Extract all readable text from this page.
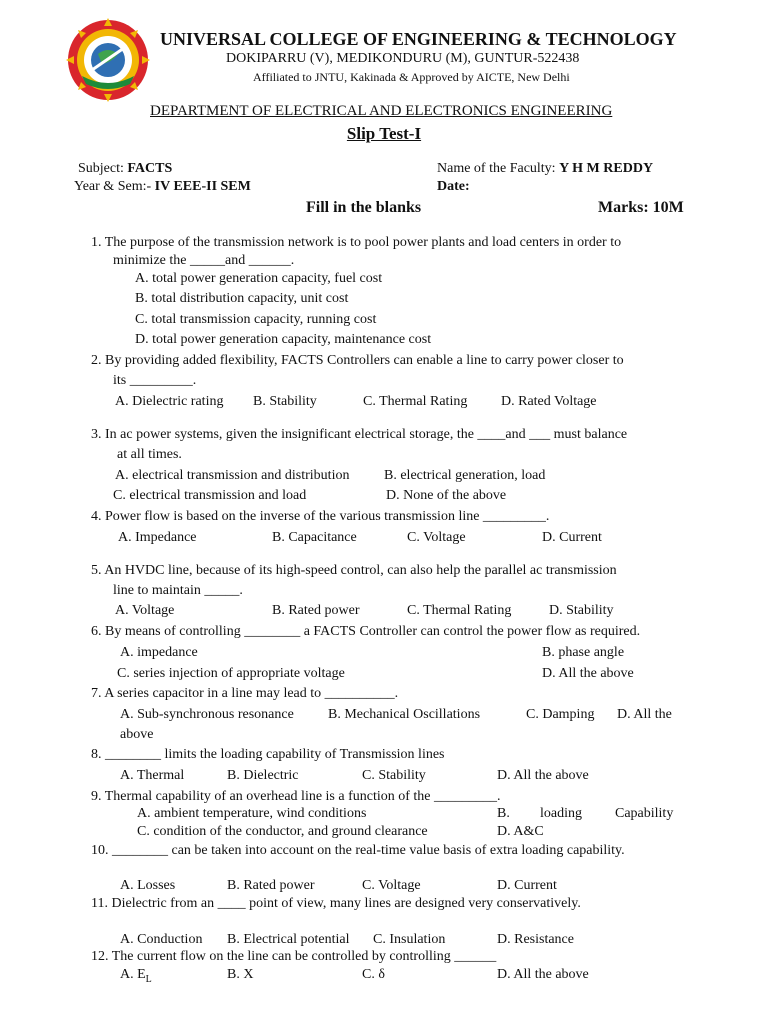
UNIVERSAL COLLEGE OF ENGINEERING & TECHNOLOGY
DOKIPARRU (V), MEDIKONDURU (M), GUNTUR-522438
Affiliated to JNTU, Kakinada & Approved by AICTE, New Delhi
DEPARTMENT OF ELECTRICAL AND ELECTRONICS ENGINEERING
Slip Test-I
Subject: FACTS
Year & Sem:- IV EEE-II SEM
Name of the Faculty: Y H M REDDY
Date:
Fill in the blanks	Marks: 10M
1. The purpose of the transmission network is to pool power plants and load centers in order to
minimize the _____and ______.
A. total power generation capacity, fuel cost
B. total distribution capacity, unit cost
C. total transmission capacity, running cost
D. total power generation capacity, maintenance cost
2. By providing added flexibility, FACTS Controllers can enable a line to carry power closer to
its _________.
A. Dielectric rating B. Stability	C. Thermal Rating D. Rated Voltage
3. In ac power systems, given the insignificant electrical storage, the ____and ___ must balance
at all times.
A. electrical transmission and distribution B. electrical generation, load
C. electrical transmission and load	D. None of the above
4. Power flow is based on the inverse of the various transmission line _________.
A. Impedance	B. Capacitance	C. Voltage	D. Current
5. An HVDC line, because of its high-speed control, can also help the parallel ac transmission
line to maintain _____.
A. Voltage	B. Rated power	C. Thermal Rating	D. Stability
6. By means of controlling ________ a FACTS Controller can control the power flow as required.
A. impedance	B. phase angle
C. series injection of appropriate voltage	D. All the above
7. A series capacitor in a line may lead to __________.
A. Sub-synchronous resonance B. Mechanical Oscillations	C. Damping D. All the
above
8. ________ limits the loading capability of Transmission lines
A. Thermal	B. Dielectric	C. Stability	D. All the above
9. Thermal capability of an overhead line is a function of the _________.
A. ambient temperature, wind conditions	B. loading Capability
C. condition of the conductor, and ground clearance	D. A&C
10. ________ can be taken into account on the real-time value basis of extra loading capability.
A. Losses	B. Rated power	C. Voltage	D. Current
11. Dielectric from an ____ point of view, many lines are designed very conservatively.
A. Conduction B. Electrical potential C. Insulation	D. Resistance
12. The current flow on the line can be controlled by controlling ______
A. $E_L$	B. X	C. δ	D. All the above
